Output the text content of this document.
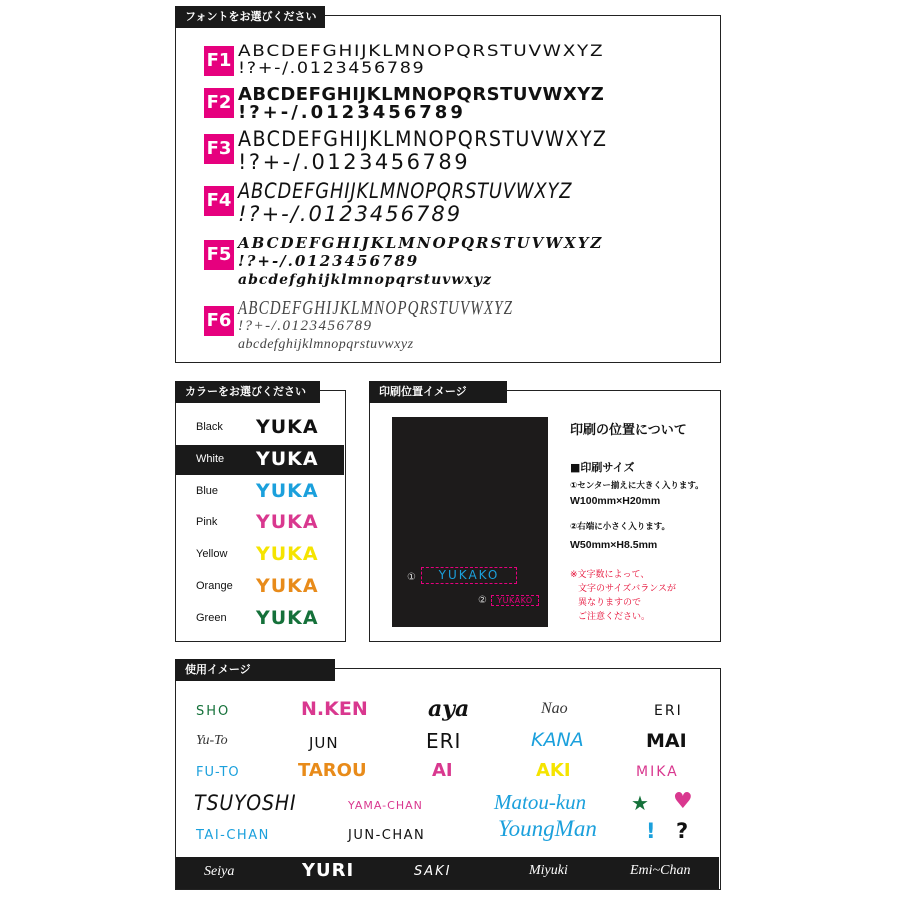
フォントをお選びください
F1 ABCDEFGHIJKLMNOPQRSTUVWXYZ
!?+-/.0123456789
F2 ABCDEFGHIJKLMNOPQRSTUVWXYZ
!?+-/.0123456789
F3 ABCDEFGHIJKLMNOPQRSTUVWXYZ
!?+-/.0123456789
F4 ABCDEFGHIJKLMNOPQRSTUVWXYZ
!?+-/.0123456789
F5
ABCDEFGHIJKLMNOPQRSTUVWXYZ
!?+-/.0123456789
abcdefghijklmnopqrstuvwxyz
F6
ABCDEFGHIJKLMNOPQRSTUVWXYZ
!?+-/.0123456789
abcdefghijklmnopqrstuvwxyz
カラーをお選びください
Black YUKA
White YUKA
Blue YUKA
Pink YUKA
Yellow YUKA
Orange YUKA
Green YUKA
印刷位置イメージ
①	YUKAKO
②	YUKAKO
印刷の位置について
■印刷サイズ
①センター揃えに大きく入ります。
W100mm×H20mm
②右端に小さく入ります。
W50mm×H8.5mm
※文字数によって、
文字のサイズバランスが
異なりますので
ご注意ください。
使用イメージ
SHO	N.KEN	aya	Nao	ERI
Yu-To	JUN	ERI	KANA	MAI
FU-TO	TAROU	AI	AKI	MIKA
TSUYOSHI	YAMA-CHAN	Matou-kun ★ ♥
TAI-CHAN	JUN-CHAN	YoungMan ! ?
Seiya	YURI	SAKI	Miyuki	Emi~Chan
